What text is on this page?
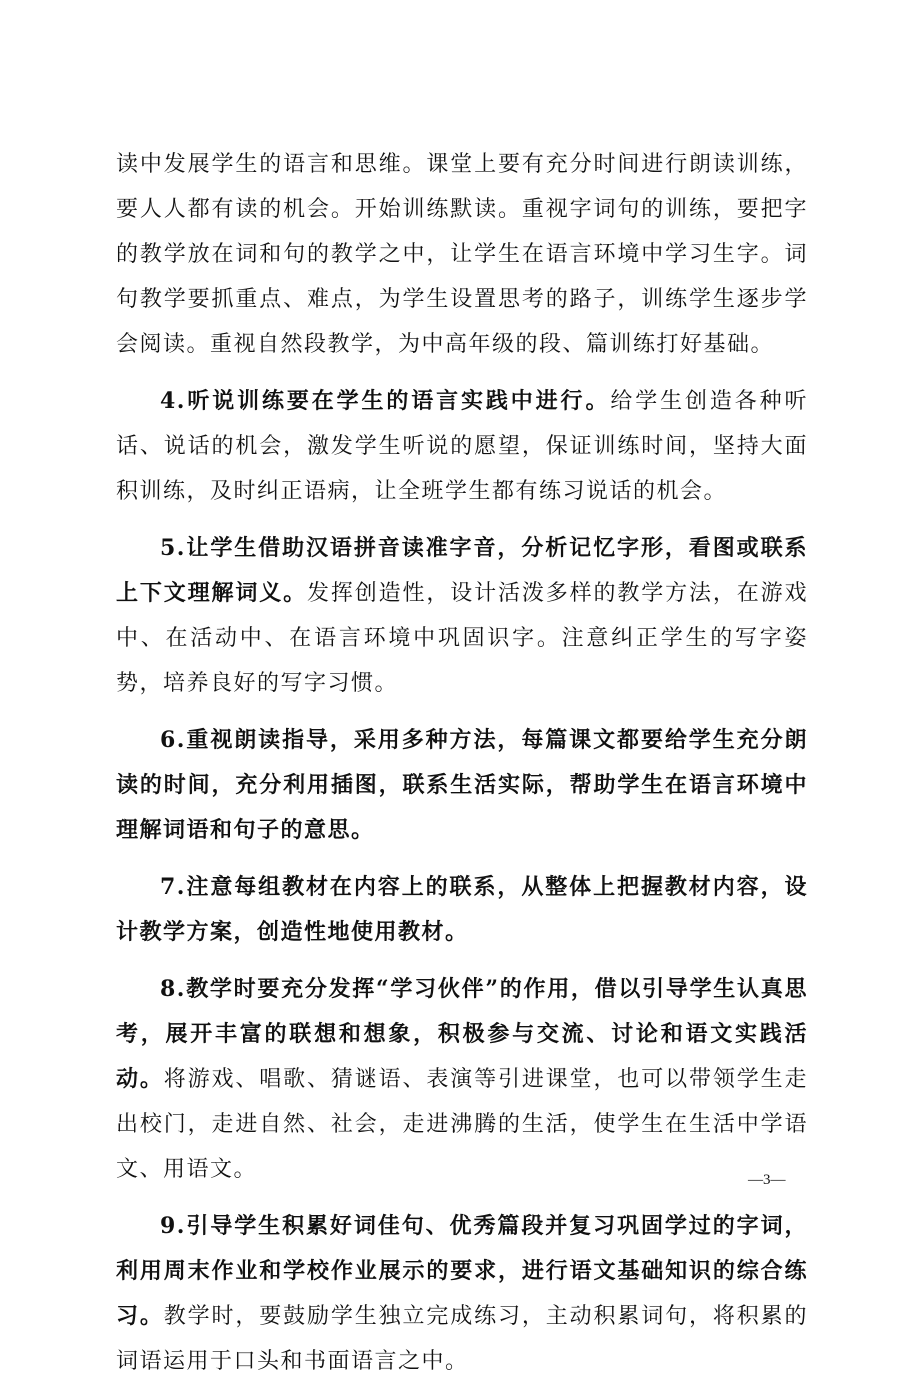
读中发展学生的语言和思维。课堂上要有充分时间进行朗读训练，要人人都有读的机会。开始训练默读。重视字词句的训练，要把字的教学放在词和句的教学之中，让学生在语言环境中学习生字。词句教学要抓重点、难点，为学生设置思考的路子，训练学生逐步学会阅读。重视自然段教学，为中高年级的段、篇训练打好基础。

4.听说训练要在学生的语言实践中进行。给学生创造各种听话、说话的机会，激发学生听说的愿望，保证训练时间，坚持大面积训练，及时纠正语病，让全班学生都有练习说话的机会。

5.让学生借助汉语拼音读准字音，分析记忆字形，看图或联系上下文理解词义。发挥创造性，设计活泼多样的教学方法，在游戏中、在活动中、在语言环境中巩固识字。注意纠正学生的写字姿势，培养良好的写字习惯。

6.重视朗读指导，采用多种方法，每篇课文都要给学生充分朗读的时间，充分利用插图，联系生活实际，帮助学生在语言环境中理解词语和句子的意思。

7.注意每组教材在内容上的联系，从整体上把握教材内容，设计教学方案，创造性地使用教材。

8.教学时要充分发挥“学习伙伴”的作用，借以引导学生认真思考，展开丰富的联想和想象，积极参与交流、讨论和语文实践活动。将游戏、唱歌、猜谜语、表演等引进课堂，也可以带领学生走出校门，走进自然、社会，走进沸腾的生活，使学生在生活中学语文、用语文。

9.引导学生积累好词佳句、优秀篇段并复习巩固学过的字词，利用周末作业和学校作业展示的要求，进行语文基础知识的综合练习。教学时，要鼓励学生独立完成练习，主动积累词句，将积累的词语运用于口头和书面语言之中。

—3—
